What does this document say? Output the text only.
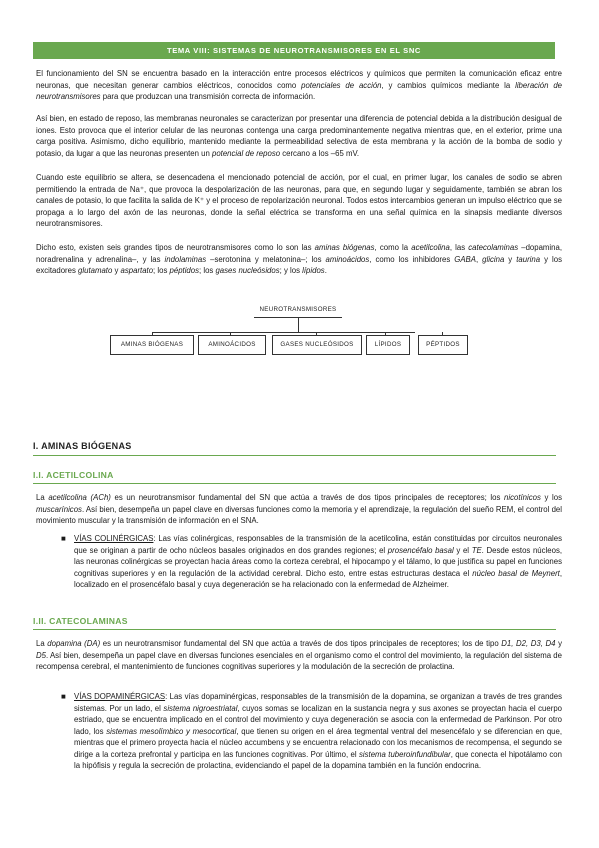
TEMA VIII: SISTEMAS DE NEUROTRANSMISORES EN EL SNC

El funcionamiento del SN se encuentra basado en la interacción entre procesos eléctricos y químicos que permiten la comunicación eficaz entre neuronas, que necesitan generar cambios eléctricos, conocidos como potenciales de acción, y cambios químicos mediante la liberación de neurotransmisores para que produzcan una transmisión correcta de información.

Así bien, en estado de reposo, las membranas neuronales se caracterizan por presentar una diferencia de potencial debida a la distribución desigual de iones. Esto provoca que el interior celular de las neuronas contenga una carga predominantemente negativa mientras que, en el exterior, prime una carga positiva. Asimismo, dicho equilibrio, mantenido mediante la permeabilidad selectiva de esta membrana y la acción de la bomba de sodio y potasio, da lugar a que las neuronas presenten un potencial de reposo cercano a los –65 mV.

Cuando este equilibrio se altera, se desencadena el mencionado potencial de acción, por el cual, en primer lugar, los canales de sodio se abren permitiendo la entrada de Na⁺, que provoca la despolarización de las neuronas, para que, en segundo lugar y seguidamente, también se abran los canales de potasio, lo que facilita la salida de K⁺ y el proceso de repolarización neuronal. Todos estos intercambios generan un impulso eléctrico que se propaga a lo largo del axón de las neuronas, donde la señal eléctrica se transforma en una señal química en la sinapsis mediante diversos neurotransmisores.

Dicho esto, existen seis grandes tipos de neurotransmisores como lo son las aminas biógenas, como la acetilcolina, las catecolaminas –dopamina, noradrenalina y adrenalina–, y las indolaminas –serotonina y melatonina–; los aminoácidos, como los inhibidores GABA, glicina y taurina y los excitadores glutamato y aspartato; los péptidos; los gases nucleósidos; y los lípidos.

NEUROTRANSMISORES
AMINAS BIÓGENAS	AMINOÁCIDOS	GASES NUCLEÓSIDOS	LÍPIDOS	PÉPTIDOS
I. AMINAS BIÓGENAS
I.I. ACETILCOLINA

La acetilcolina (ACh) es un neurotransmisor fundamental del SN que actúa a través de dos tipos principales de receptores; los nicotínicos y los muscarínicos. Así bien, desempeña un papel clave en diversas funciones como la memoria y el aprendizaje, la regulación del sueño REM, el control del movimiento muscular y la transmisión de información en el SNA.

■ VÍAS COLINÉRGICAS: Las vías colinérgicas, responsables de la transmisión de la acetilcolina, están constituidas por circuitos neuronales que se originan a partir de ocho núcleos basales originados en dos grandes regiones; el prosencéfalo basal y el TE. Desde estos núcleos, las neuronas colinérgicas se proyectan hacia áreas como la corteza cerebral, el hipocampo y el tálamo, lo que justifica su papel en funciones cognitivas superiores y en la regulación de la actividad cerebral. Dicho esto, entre estas estructuras destaca el núcleo basal de Meynert, localizado en el prosencéfalo basal y cuya degeneración se ha relacionado con la enfermedad de Alzheimer.

I.II. CATECOLAMINAS

La dopamina (DA) es un neurotransmisor fundamental del SN que actúa a través de dos tipos principales de receptores; los de tipo D1, D2, D3, D4 y D5. Así bien, desempeña un papel clave en diversas funciones esenciales en el organismo como el control del movimiento, la regulación del sistema de recompensa cerebral, el mantenimiento de funciones cognitivas superiores y la modulación de la secreción de prolactina.

■ VÍAS DOPAMINÉRGICAS: Las vías dopaminérgicas, responsables de la transmisión de la dopamina, se organizan a través de tres grandes sistemas. Por un lado, el sistema nigroestriatal, cuyos somas se localizan en la sustancia negra y sus axones se proyectan hacia el cuerpo estriado, que se encuentra implicado en el control del movimiento y cuya degeneración se asocia con la enfermedad de Parkinson. Por otro lado, los sistemas mesolímbico y mesocortical, que tienen su origen en el área tegmental ventral del mesencéfalo y se diferencian en que, mientras que el primero proyecta hacia el núcleo accumbens y se encuentra relacionado con los mecanismos de recompensa, el segundo se dirige a la corteza prefrontal y participa en las funciones cognitivas. Por último, el sistema tuberoinfundibular, que conecta el hipotálamo con la hipófisis y regula la secreción de prolactina, evidenciando el papel de la dopamina también en la función endocrina.
